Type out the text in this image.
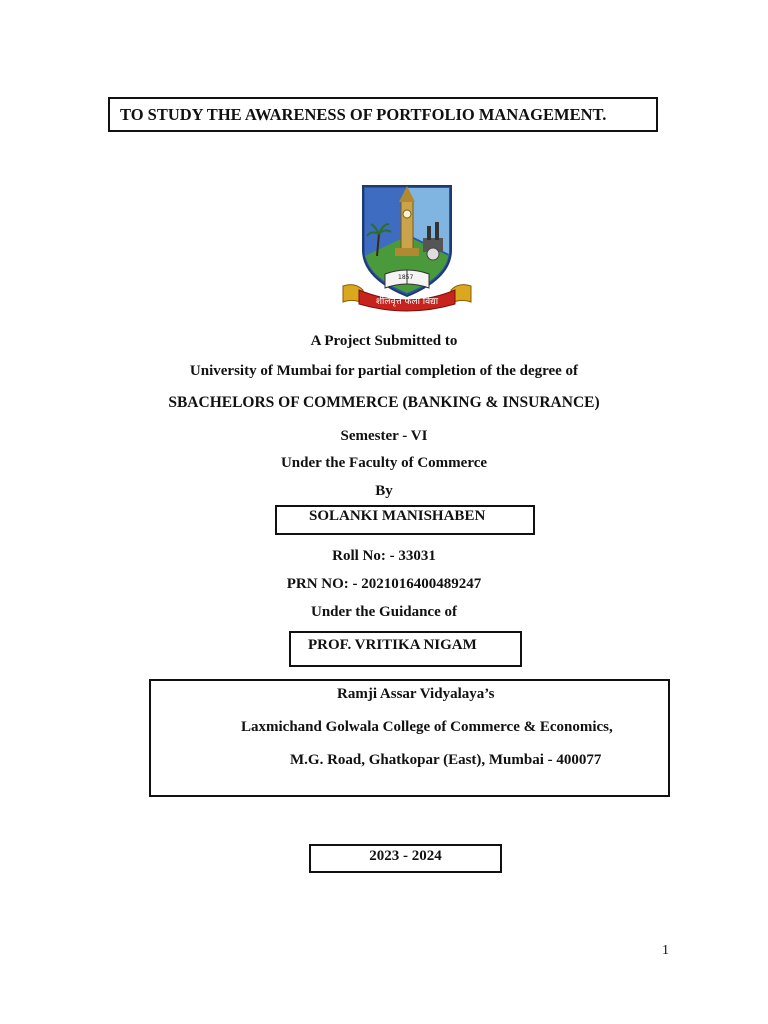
TO STUDY THE AWARENESS OF PORTFOLIO MANAGEMENT.
1857
शीलवृत्त फला विद्या
A Project Submitted to
University of Mumbai for partial completion of the degree of
SBACHELORS OF COMMERCE (BANKING & INSURANCE)
Semester - VI
Under the Faculty of Commerce
By
SOLANKI MANISHABEN
Roll No: - 33031
PRN NO: - 2021016400489247
Under the Guidance of
PROF. VRITIKA NIGAM
Ramji Assar Vidyalaya’s
Laxmichand Golwala College of Commerce & Economics,
M.G. Road, Ghatkopar (East), Mumbai - 400077
2023 - 2024
1
